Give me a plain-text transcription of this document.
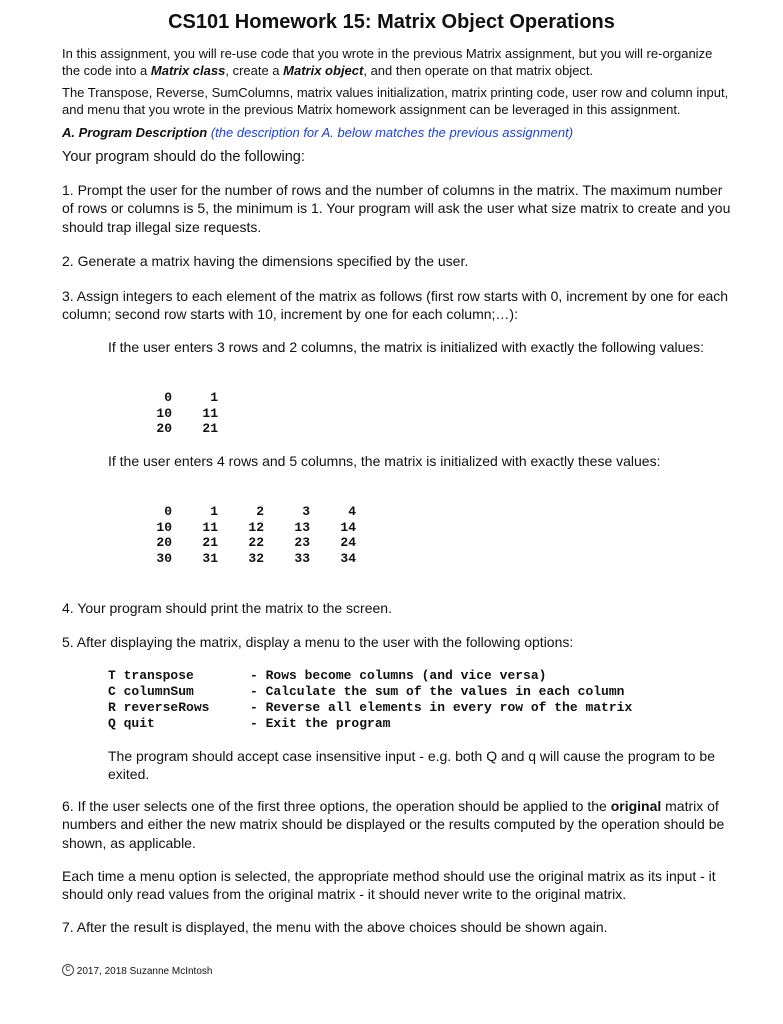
CS101 Homework 15: Matrix Object Operations
In this assignment, you will re-use code that you wrote in the previous Matrix assignment, but you will re-organize the code into a Matrix class, create a Matrix object, and then operate on that matrix object.
The Transpose, Reverse, SumColumns, matrix values initialization, matrix printing code, user row and column input, and menu that you wrote in the previous Matrix homework assignment can be leveraged in this assignment.
A. Program Description (the description for A. below matches the previous assignment)
Your program should do the following:
1. Prompt the user for the number of rows and the number of columns in the matrix. The maximum number of rows or columns is 5, the minimum is 1. Your program will ask the user what size matrix to create and you should trap illegal size requests.
2. Generate a matrix having the dimensions specified by the user.
3. Assign integers to each element of the matrix as follows (first row starts with 0, increment by one for each column; second row starts with 10, increment by one for each column;…):
If the user enters 3 rows and 2 columns, the matrix is initialized with exactly the following values:
0	1
10	11
20	21
If the user enters 4 rows and 5 columns, the matrix is initialized with exactly these values:
0	1	2	3	4
10	11	12	13	14
20	21	22	23	24
30	31	32	33	34
4. Your program should print the matrix to the screen.
5. After displaying the matrix, display a menu to the user with the following options:
T transpose	- Rows become columns (and vice versa)
C columnSum	- Calculate the sum of the values in each column
R reverseRows	- Reverse all elements in every row of the matrix
Q quit	- Exit the program
The program should accept case insensitive input - e.g. both Q and q will cause the program to be exited.
6. If the user selects one of the first three options, the operation should be applied to the original matrix of numbers and either the new matrix should be displayed or the results computed by the operation should be shown, as applicable.
Each time a menu option is selected, the appropriate method should use the original matrix as its input - it should only read values from the original matrix - it should never write to the original matrix.
7. After the result is displayed, the menu with the above choices should be shown again.
C 2017, 2018 Suzanne McIntosh
